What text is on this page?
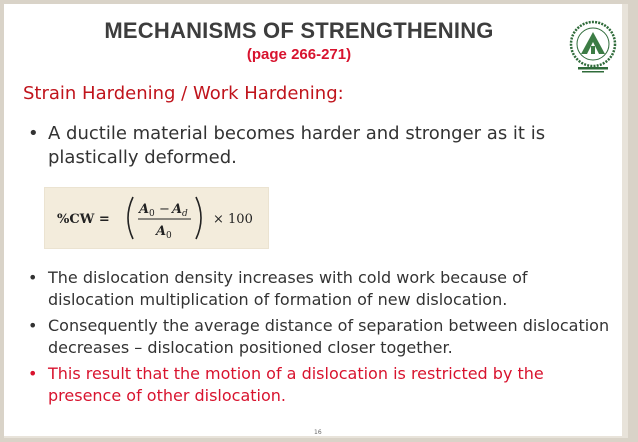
MECHANISMS OF STRENGTHENING
(page 266-271)
Strain Hardening / Work Hardening:
• A ductile material becomes harder and stronger as it is plastically deformed.
%CW =
A 0 − A d
A 0
× 100
• The dislocation density increases with cold work because of dislocation multiplication of formation of new dislocation.
• Consequently the average distance of separation between dislocation decreases – dislocation positioned closer together.
• This result that the motion of a dislocation is restricted by the presence of other dislocation.
16
